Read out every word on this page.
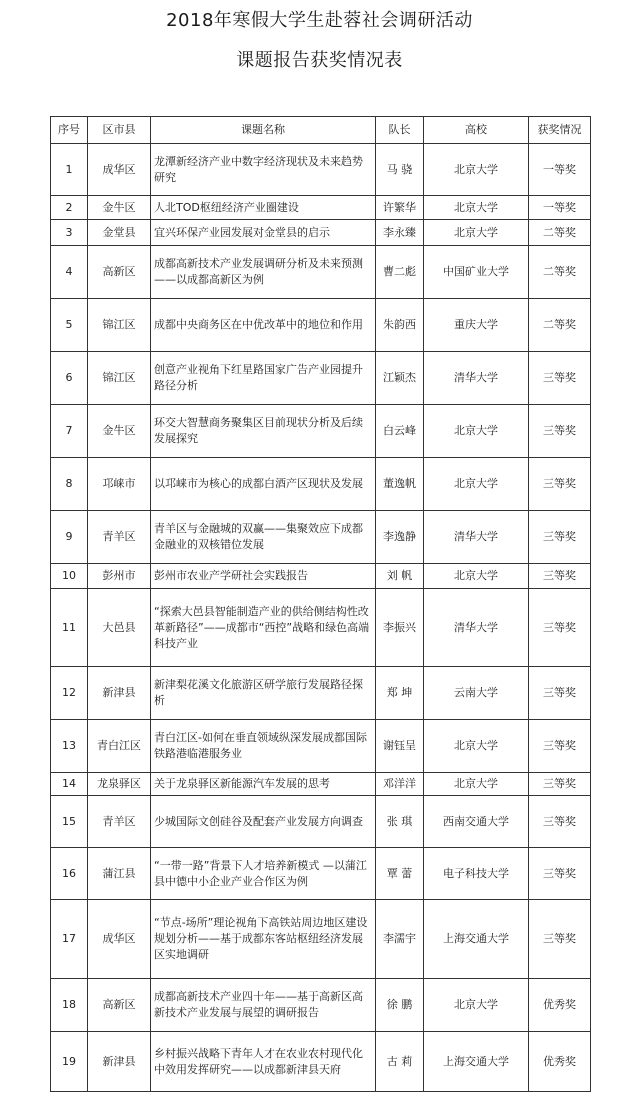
2018年寒假大学生赴蓉社会调研活动
课题报告获奖情况表
序号	区市县	课题名称	队长	高校	获奖情况
1	成华区	龙潭新经济产业中数字经济现状及未来趋势研究	马 骁	北京大学	一等奖
2	金牛区	人北TOD枢纽经济产业圈建设	许繁华	北京大学	一等奖
3	金堂县	宜兴环保产业园发展对金堂县的启示	李永臻	北京大学	二等奖
4	高新区	成都高新技术产业发展调研分析及未来预测——以成都高新区为例	曹二彪	中国矿业大学	二等奖
5	锦江区	成都中央商务区在中优改革中的地位和作用	朱韵西	重庆大学	二等奖
6	锦江区	创意产业视角下红星路国家广告产业园提升路径分析	江颖杰	清华大学	三等奖
7	金牛区	环交大智慧商务聚集区目前现状分析及后续发展探究	白云峰	北京大学	三等奖
8	邛崃市	以邛崃市为核心的成都白酒产区现状及发展	董逸帆	北京大学	三等奖
9	青羊区	青羊区与金融城的双赢——集聚效应下成都金融业的双核错位发展	李逸静	清华大学	三等奖
10	彭州市	彭州市农业产学研社会实践报告	刘 帆	北京大学	三等奖
11	大邑县	“探索大邑县智能制造产业的供给侧结构性改革新路径”——成都市“西控”战略和绿色高端科技产业	李振兴	清华大学	三等奖
12	新津县	新津梨花溪文化旅游区研学旅行发展路径探析	郑 坤	云南大学	三等奖
13	青白江区	青白江区-如何在垂直领域纵深发展成都国际铁路港临港服务业	谢钰呈	北京大学	三等奖
14	龙泉驿区	关于龙泉驿区新能源汽车发展的思考	邓洋洋	北京大学	三等奖
15	青羊区	少城国际文创硅谷及配套产业发展方向调查	张 琪	西南交通大学	三等奖
16	蒲江县	“一带一路”背景下人才培养新模式 —以蒲江县中德中小企业产业合作区为例	覃 蕾	电子科技大学	三等奖
17	成华区	“节点-场所”理论视角下高铁站周边地区建设规划分析——基于成都东客站枢纽经济发展区实地调研	李濡宇	上海交通大学	三等奖
18	高新区	成都高新技术产业四十年——基于高新区高新技术产业发展与展望的调研报告	徐 鹏	北京大学	优秀奖
19	新津县	乡村振兴战略下青年人才在农业农村现代化中效用发挥研究——以成都新津县天府	古 莉	上海交通大学	优秀奖
